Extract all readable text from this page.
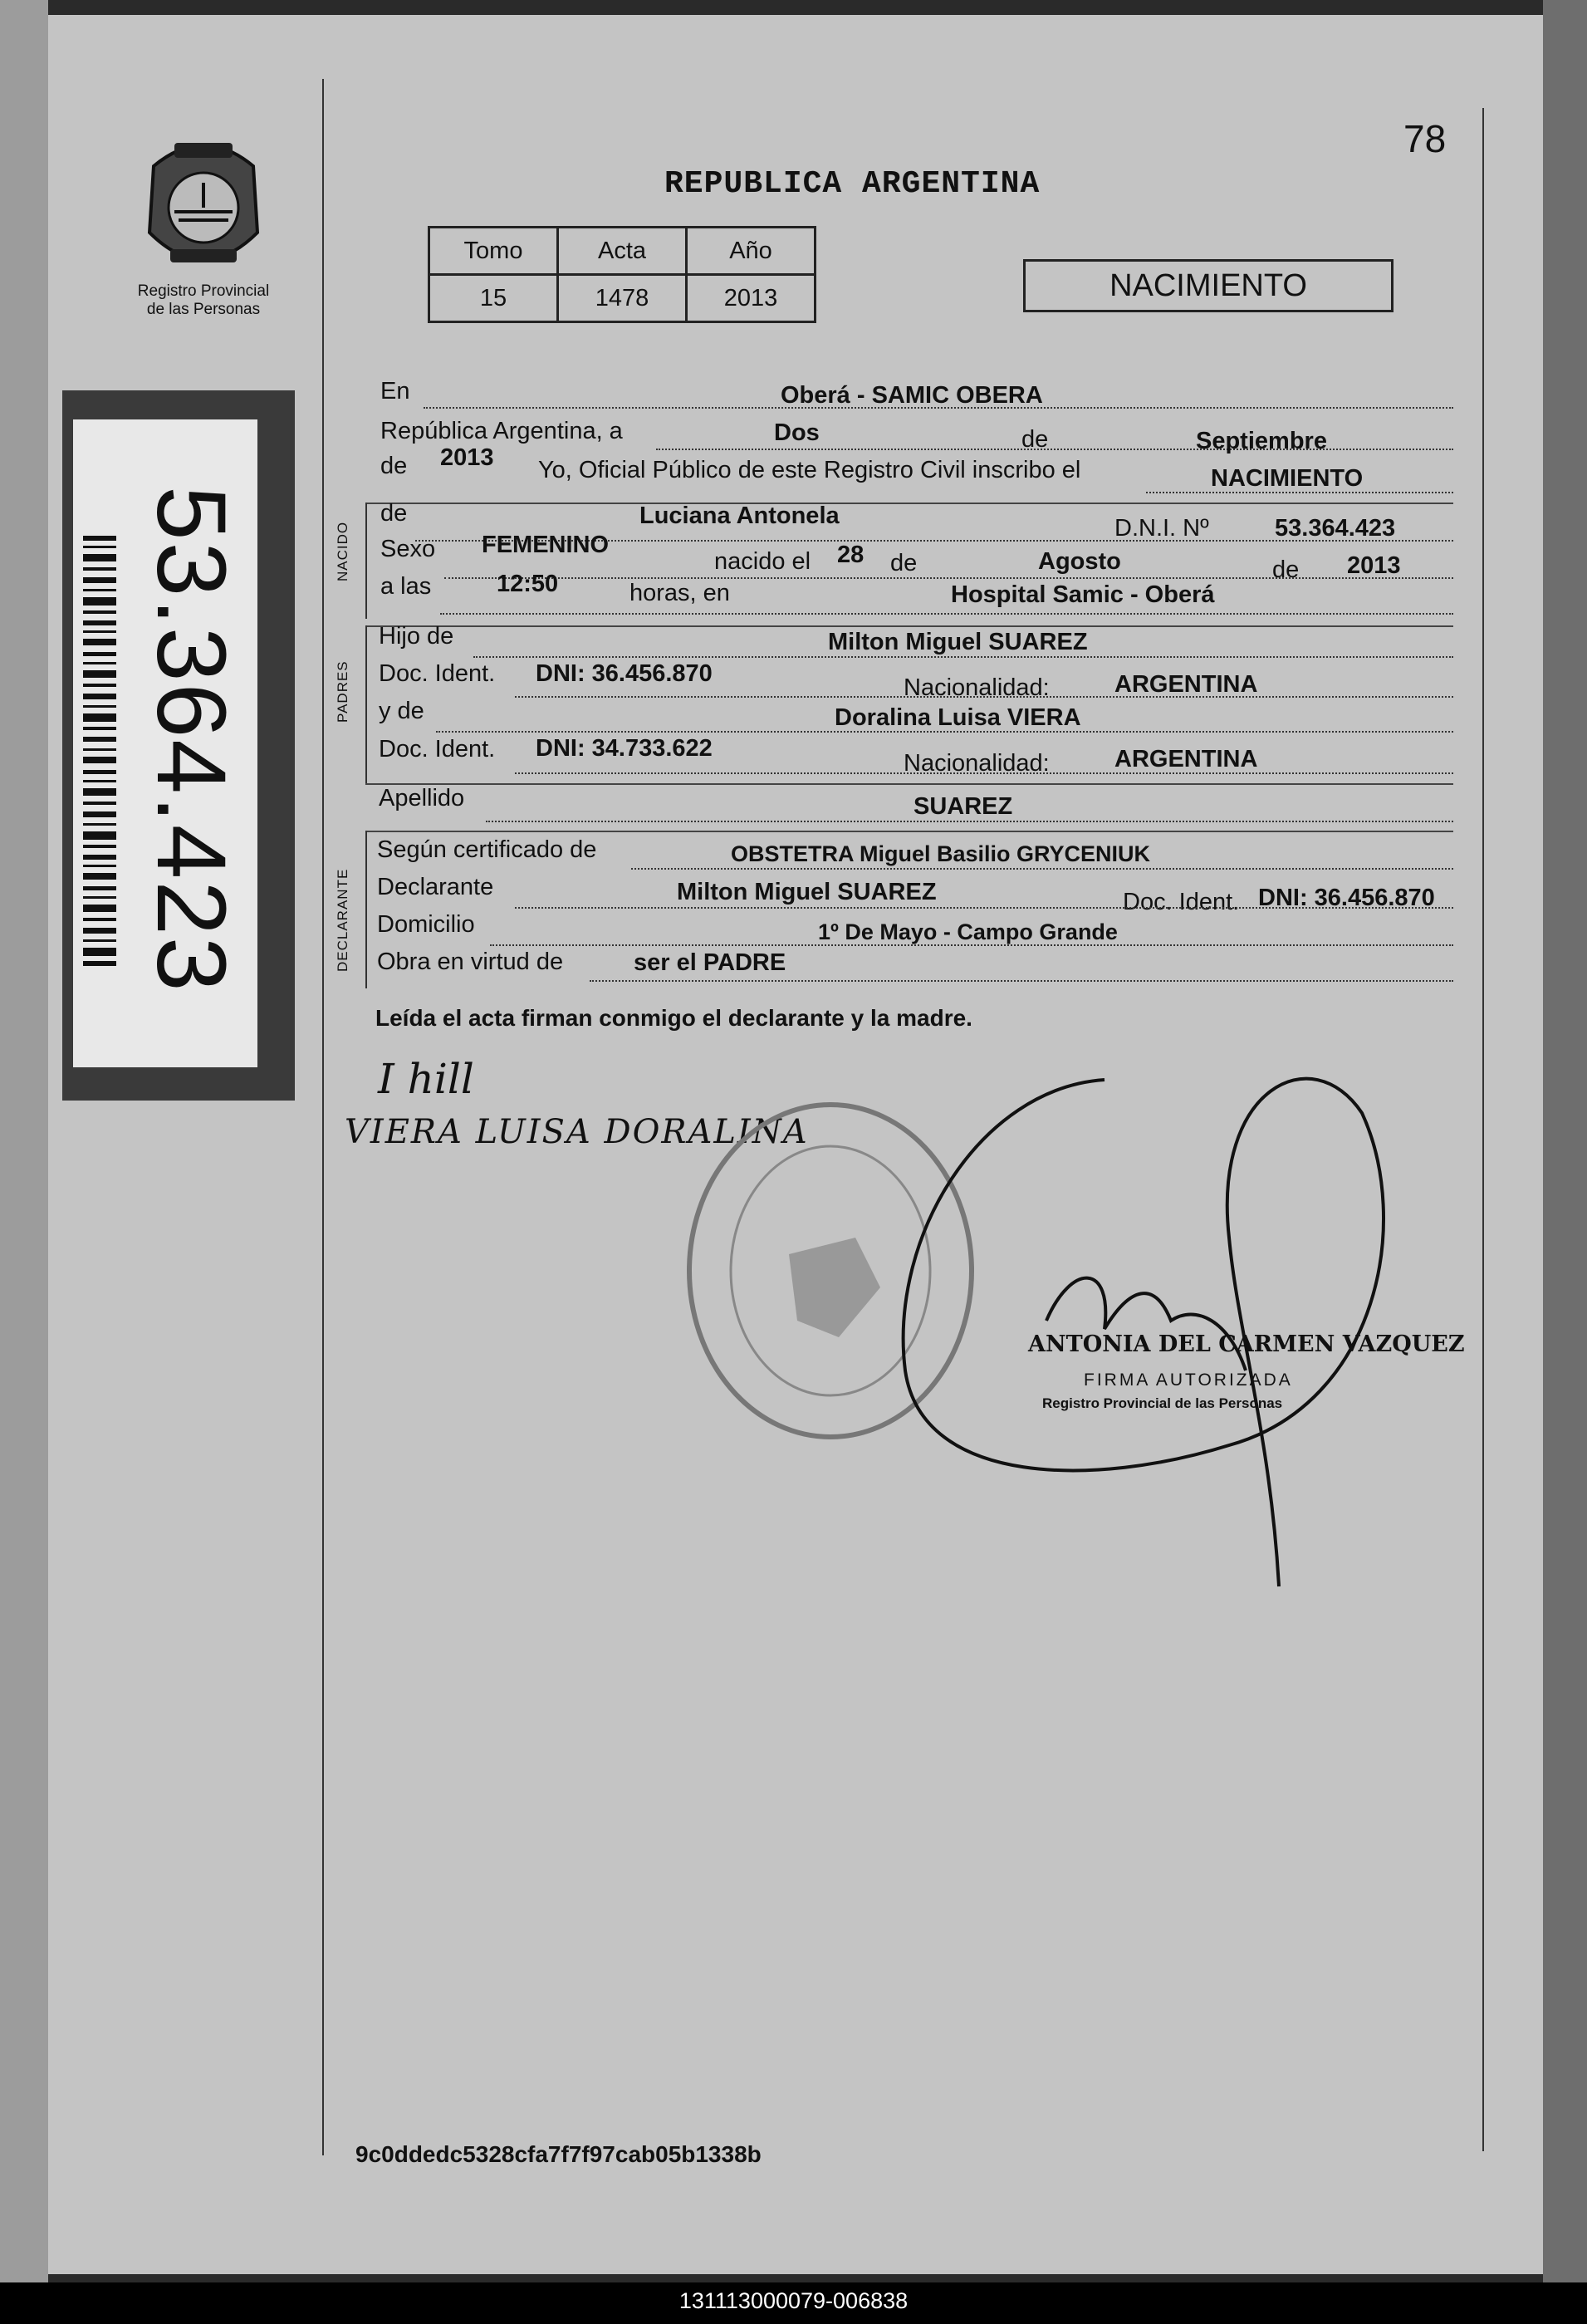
Registro Provincial
de las Personas
53.364.423
78
REPUBLICA ARGENTINA
Tomo	Acta	Año
15	1478	2013	NACIMIENTO
En	Oberá - SAMIC OBERA
República Argentina, a	Dos	de	Septiembre
de 2013 Yo, Oficial Público de este Registro Civil inscribo el	NACIMIENTO
NACIDO
de	Luciana Antonela	D.N.I. Nº	53.364.423
Sexo FEMENINO
nacido el 28 de	Agosto	de 2013
a las	12:50	horas, en	Hospital Samic - Oberá
PADRES
Hijo de	Milton Miguel SUAREZ
Doc. Ident. DNI: 36.456.870
Nacionalidad:	ARGENTINA
y de	Doralina Luisa VIERA
Doc. Ident. DNI: 34.733.622
Nacionalidad:	ARGENTINA
Apellido	SUAREZ
DECLARANTE
Según certificado de	OBSTETRA Miguel Basilio GRYCENIUK
Declarante	Milton Miguel SUAREZ	Doc. Ident. DNI: 36.456.870
Domicilio	1º De Mayo - Campo Grande
Obra en virtud de	ser el PADRE
Leída el acta firman conmigo el declarante y la madre.
I hill
VIERA LUISA DORALINA
ANTONIA DEL CARMEN VAZQUEZ
FIRMA AUTORIZADA
Registro Provincial de las Personas
9c0ddedc5328cfa7f7f97cab05b1338b
131113000079-006838
